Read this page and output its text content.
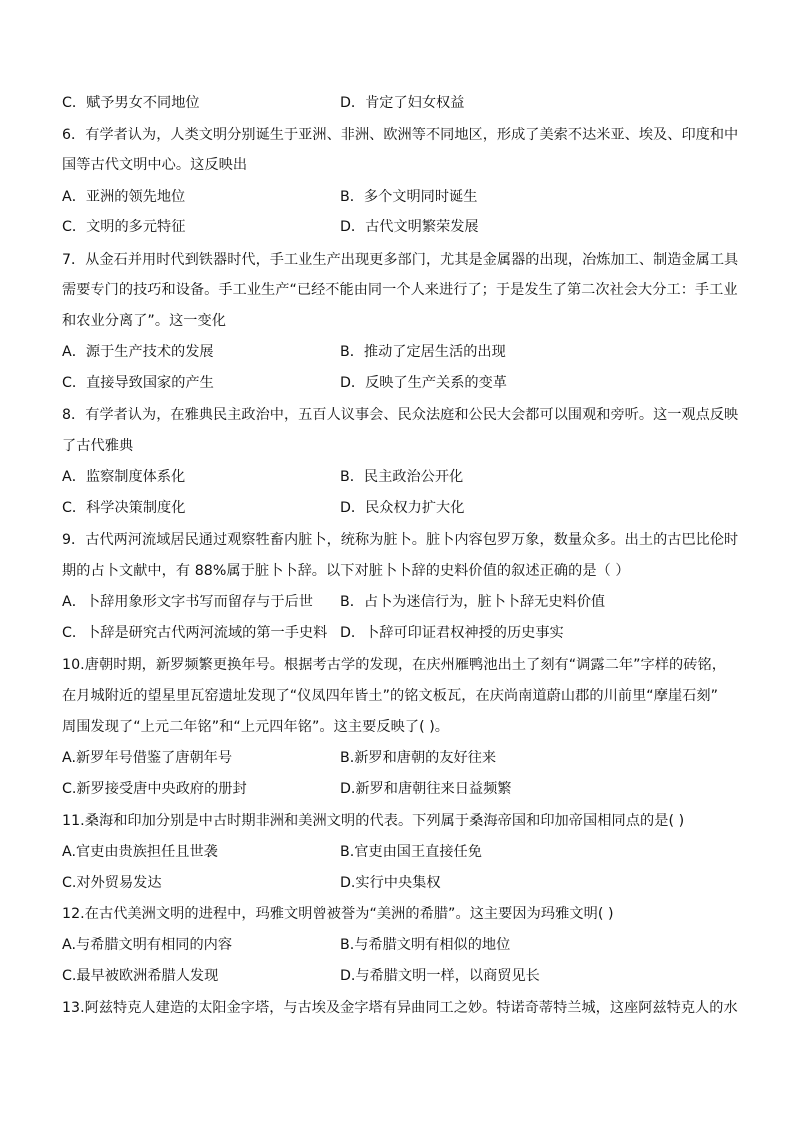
C．赋予男女不同地位	D．肯定了妇女权益
6．有学者认为，人类文明分别诞生于亚洲、非洲、欧洲等不同地区，形成了美索不达米亚、埃及、印度和中
国等古代文明中心。这反映出
A．亚洲的领先地位	B．多个文明同时诞生
C．文明的多元特征	D．古代文明繁荣发展
7．从金石并用时代到铁器时代，手工业生产出现更多部门，尤其是金属器的出现，冶炼加工、制造金属工具
需要专门的技巧和设备。手工业生产“已经不能由同一个人来进行了；于是发生了第二次社会大分工：手工业
和农业分离了”。这一变化
A．源于生产技术的发展	B．推动了定居生活的出现
C．直接导致国家的产生	D．反映了生产关系的变革
8．有学者认为，在雅典民主政治中，五百人议事会、民众法庭和公民大会都可以围观和旁听。这一观点反映
了古代雅典
A．监察制度体系化	B．民主政治公开化
C．科学决策制度化	D．民众权力扩大化
9．古代两河流域居民通过观察牲畜内脏卜，统称为脏卜。脏卜内容包罗万象，数量众多。出土的古巴比伦时
期的占卜文献中，有 88%属于脏卜卜辞。以下对脏卜卜辞的史料价值的叙述正确的是（ ）
A．卜辞用象形文字书写而留存与于后世 B．占卜为迷信行为，脏卜卜辞无史料价值
C．卜辞是研究古代两河流域的第一手史料 D．卜辞可印证君权神授的历史事实
10.唐朝时期，新罗频繁更换年号。根据考古学的发现，在庆州雁鸭池出土了刻有“调露二年”字样的砖铭，
在月城附近的望星里瓦窑遗址发现了“仪凤四年皆土”的铭文板瓦，在庆尚南道蔚山郡的川前里“摩崖石刻”
周围发现了“上元二年铭”和“上元四年铭”。这主要反映了( )。
A.新罗年号借鉴了唐朝年号	B.新罗和唐朝的友好往来
C.新罗接受唐中央政府的册封	D.新罗和唐朝往来日益频繁
11.桑海和印加分别是中古时期非洲和美洲文明的代表。下列属于桑海帝国和印加帝国相同点的是( )
A.官吏由贵族担任且世袭	B.官吏由国王直接任免
C.对外贸易发达	D.实行中央集权
12.在古代美洲文明的进程中，玛雅文明曾被誉为“美洲的希腊”。这主要因为玛雅文明( )
A.与希腊文明有相同的内容	B.与希腊文明有相似的地位
C.最早被欧洲希腊人发现	D.与希腊文明一样，以商贸见长
13.阿兹特克人建造的太阳金字塔，与古埃及金字塔有异曲同工之妙。特诺奇蒂特兰城，这座阿兹特克人的水
